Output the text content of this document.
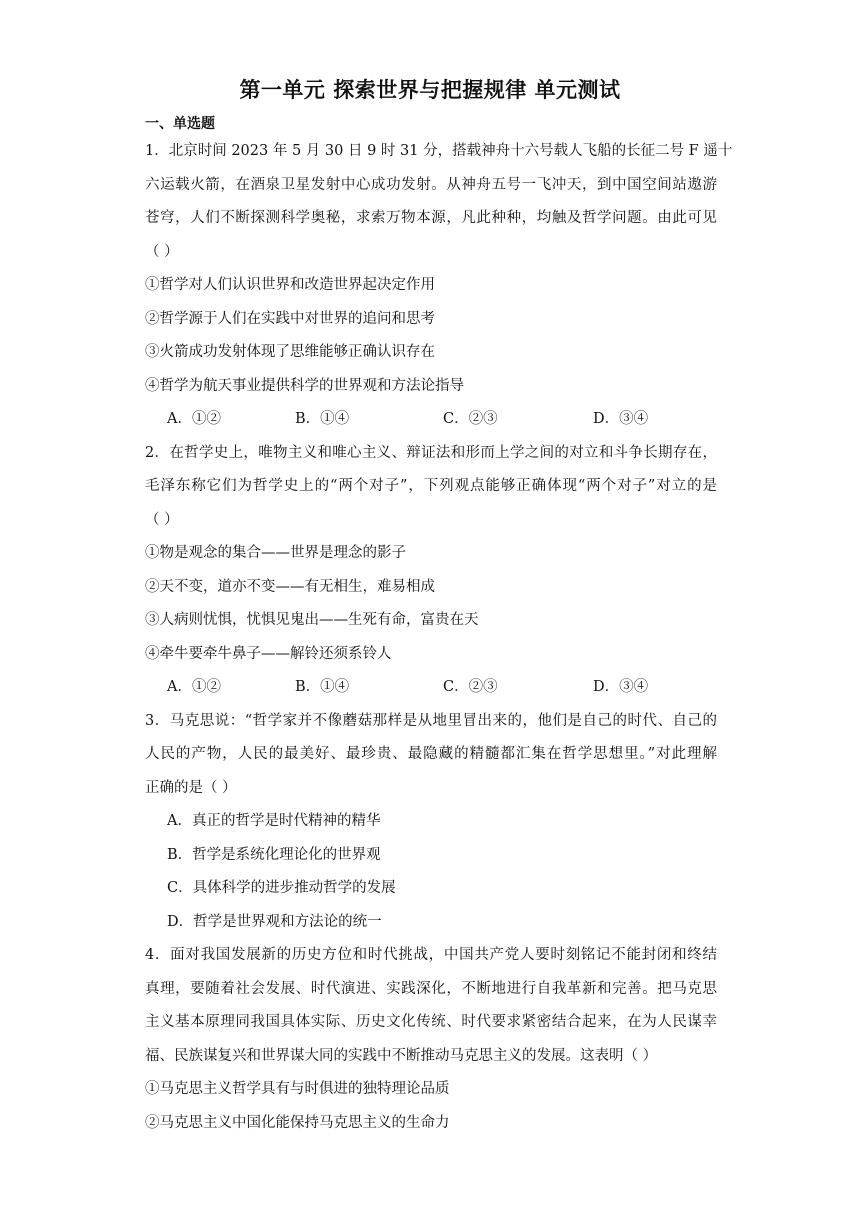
第一单元 探索世界与把握规律 单元测试
一、单选题
1．北京时间 2023 年 5 月 30 日 9 时 31 分，搭载神舟十六号载人飞船的长征二号 F 遥十
六运载火箭，在酒泉卫星发射中心成功发射。从神舟五号一飞冲天，到中国空间站遨游
苍穹，人们不断探测科学奥秘，求索万物本源，凡此种种，均触及哲学问题。由此可见
（ ）
①哲学对人们认识世界和改造世界起决定作用
②哲学源于人们在实践中对世界的追问和思考
③火箭成功发射体现了思维能够正确认识存在
④哲学为航天事业提供科学的世界观和方法论指导
A．①②	B．①④	C．②③	D．③④
2．在哲学史上，唯物主义和唯心主义、辩证法和形而上学之间的对立和斗争长期存在，
毛泽东称它们为哲学史上的“两个对子”，下列观点能够正确体现“两个对子”对立的是
（ ）
①物是观念的集合——世界是理念的影子
②天不变，道亦不变——有无相生，难易相成
③人病则忧惧，忧惧见鬼出——生死有命，富贵在天
④牵牛要牵牛鼻子——解铃还须系铃人
A．①②	B．①④	C．②③	D．③④
3．马克思说：“哲学家并不像蘑菇那样是从地里冒出来的，他们是自己的时代、自己的
人民的产物，人民的最美好、最珍贵、最隐藏的精髓都汇集在哲学思想里。”对此理解
正确的是（ ）
A．真正的哲学是时代精神的精华
B．哲学是系统化理论化的世界观
C．具体科学的进步推动哲学的发展
D．哲学是世界观和方法论的统一
4．面对我国发展新的历史方位和时代挑战，中国共产党人要时刻铭记不能封闭和终结
真理，要随着社会发展、时代演进、实践深化，不断地进行自我革新和完善。把马克思
主义基本原理同我国具体实际、历史文化传统、时代要求紧密结合起来，在为人民谋幸
福、民族谋复兴和世界谋大同的实践中不断推动马克思主义的发展。这表明（ ）
①马克思主义哲学具有与时俱进的独特理论品质
②马克思主义中国化能保持马克思主义的生命力
